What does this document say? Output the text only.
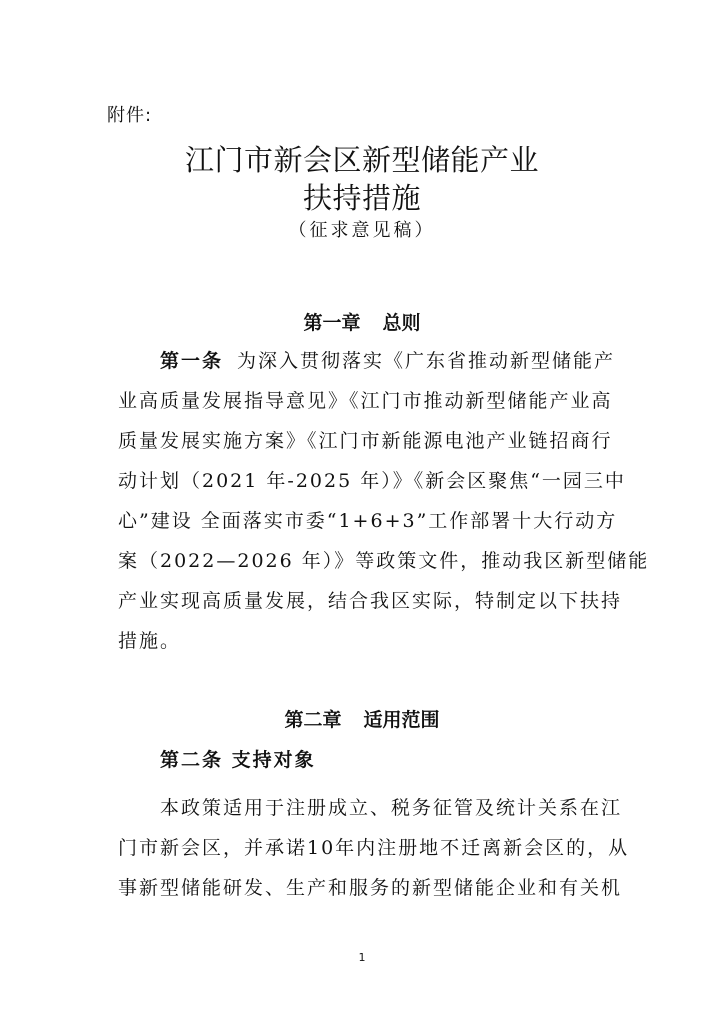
附件:
江门市新会区新型储能产业
扶持措施
（征求意见稿）
第一章 总则
第一条 为深入贯彻落实《广东省推动新型储能产
业高质量发展指导意见》《江门市推动新型储能产业高
质量发展实施方案》《江门市新能源电池产业链招商行
动计划（2021 年-2025 年）》《新会区聚焦“一园三中
心”建设 全面落实市委“1+6+3”工作部署十大行动方
案（2022—2026 年）》等政策文件，推动我区新型储能
产业实现高质量发展，结合我区实际，特制定以下扶持
措施。
第二章 适用范围
第二条 支持对象
本政策适用于注册成立、税务征管及统计关系在江
门市新会区，并承诺10年内注册地不迁离新会区的，从
事新型储能研发、生产和服务的新型储能企业和有关机
1
